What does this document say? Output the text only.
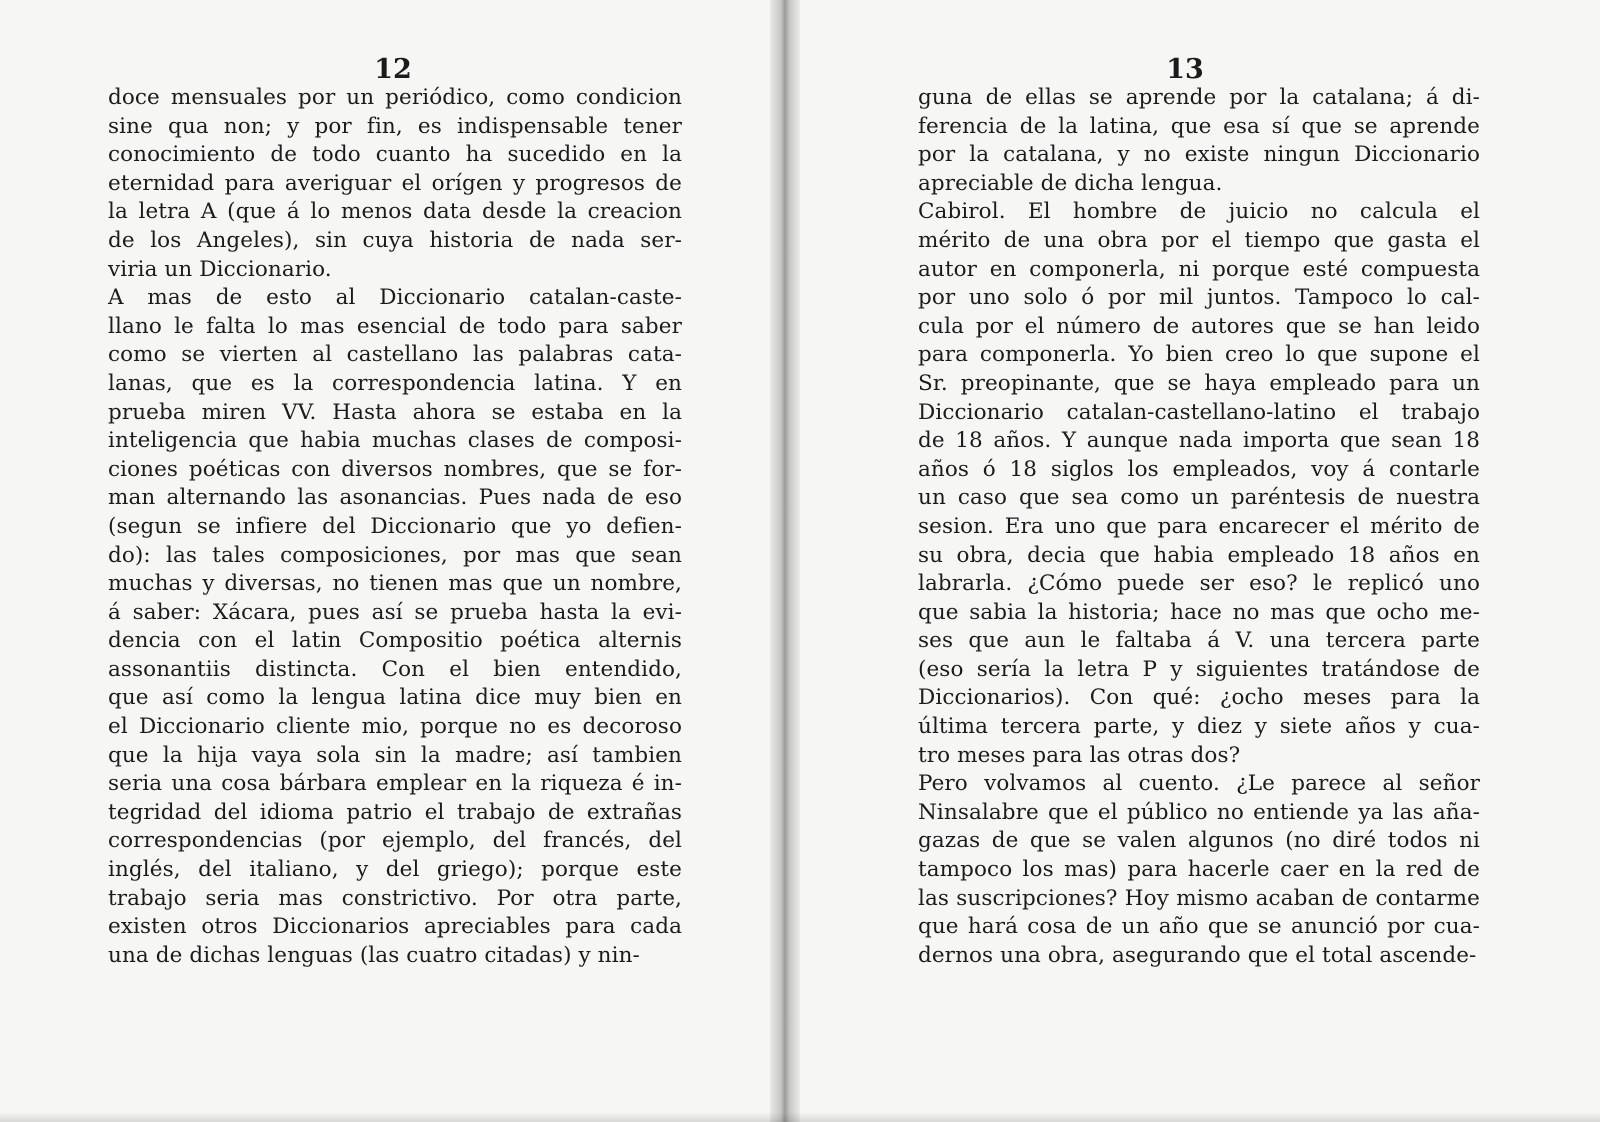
12
doce mensuales por un periódico, como condicion
sine qua non; y por fin, es indispensable tener
conocimiento de todo cuanto ha sucedido en la
eternidad para averiguar el orígen y progresos de
la letra A (que á lo menos data desde la creacion
de los Angeles), sin cuya historia de nada ser-
viria un Diccionario.
A mas de esto al Diccionario catalan-caste-
llano le falta lo mas esencial de todo para saber
como se vierten al castellano las palabras cata-
lanas, que es la correspondencia latina. Y en
prueba miren VV. Hasta ahora se estaba en la
inteligencia que habia muchas clases de composi-
ciones poéticas con diversos nombres, que se for-
man alternando las asonancias. Pues nada de eso
(segun se infiere del Diccionario que yo defien-
do): las tales composiciones, por mas que sean
muchas y diversas, no tienen mas que un nombre,
á saber: Xácara, pues así se prueba hasta la evi-
dencia con el latin Compositio poética alternis
assonantiis distincta. Con el bien entendido,
que así como la lengua latina dice muy bien en
el Diccionario cliente mio, porque no es decoroso
que la hija vaya sola sin la madre; así tambien
seria una cosa bárbara emplear en la riqueza é in-
tegridad del idioma patrio el trabajo de extrañas
correspondencias (por ejemplo, del francés, del
inglés, del italiano, y del griego); porque este
trabajo seria mas constrictivo. Por otra parte,
existen otros Diccionarios apreciables para cada
una de dichas lenguas (las cuatro citadas) y nin-
13
guna de ellas se aprende por la catalana; á di-
ferencia de la latina, que esa sí que se aprende
por la catalana, y no existe ningun Diccionario
apreciable de dicha lengua.
Cabirol. El hombre de juicio no calcula el
mérito de una obra por el tiempo que gasta el
autor en componerla, ni porque esté compuesta
por uno solo ó por mil juntos. Tampoco lo cal-
cula por el número de autores que se han leido
para componerla. Yo bien creo lo que supone el
Sr. preopinante, que se haya empleado para un
Diccionario catalan-castellano-latino el trabajo
de 18 años. Y aunque nada importa que sean 18
años ó 18 siglos los empleados, voy á contarle
un caso que sea como un paréntesis de nuestra
sesion. Era uno que para encarecer el mérito de
su obra, decia que habia empleado 18 años en
labrarla. ¿Cómo puede ser eso? le replicó uno
que sabia la historia; hace no mas que ocho me-
ses que aun le faltaba á V. una tercera parte
(eso sería la letra P y siguientes tratándose de
Diccionarios). Con qué: ¿ocho meses para la
última tercera parte, y diez y siete años y cua-
tro meses para las otras dos?
Pero volvamos al cuento. ¿Le parece al señor
Ninsalabre que el público no entiende ya las aña-
gazas de que se valen algunos (no diré todos ni
tampoco los mas) para hacerle caer en la red de
las suscripciones? Hoy mismo acaban de contarme
que hará cosa de un año que se anunció por cua-
dernos una obra, asegurando que el total ascende-
